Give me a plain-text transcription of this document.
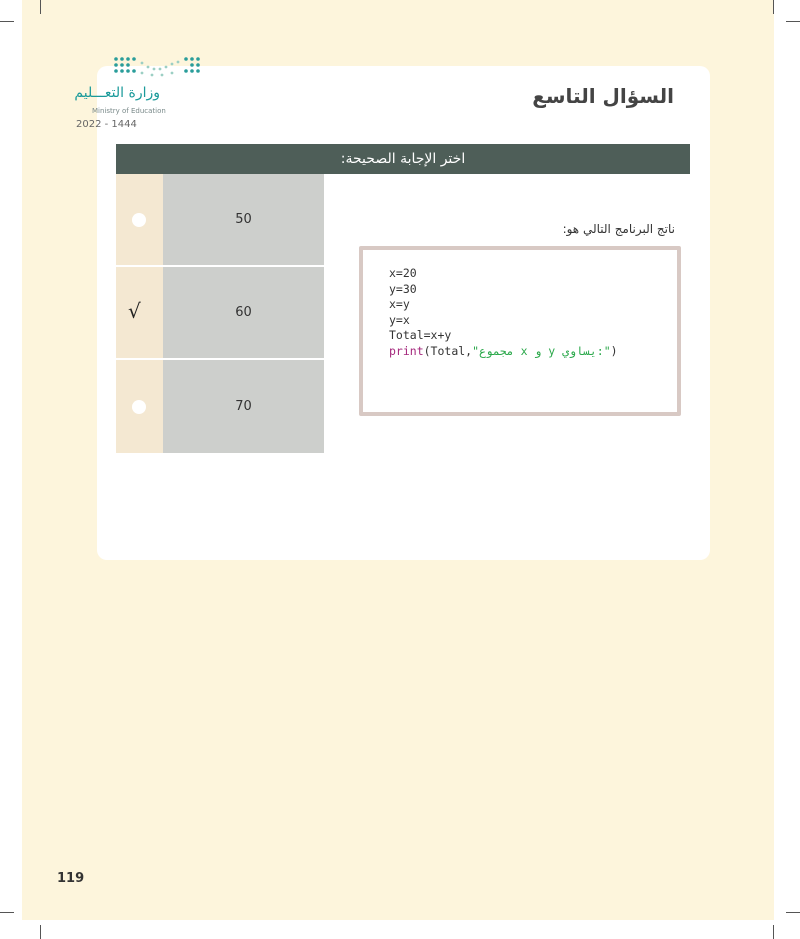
السؤال التاسع
اختر الإجابة الصحيحة:
50
√	60
70
ناتج البرنامج التالي هو:
x=20
y=30
x=y
y=x
Total=x+y
print(Total,"مجموع x و y يساوي:")
وزارة التعـــليم
Ministry of Education
2022 - 1444
119
